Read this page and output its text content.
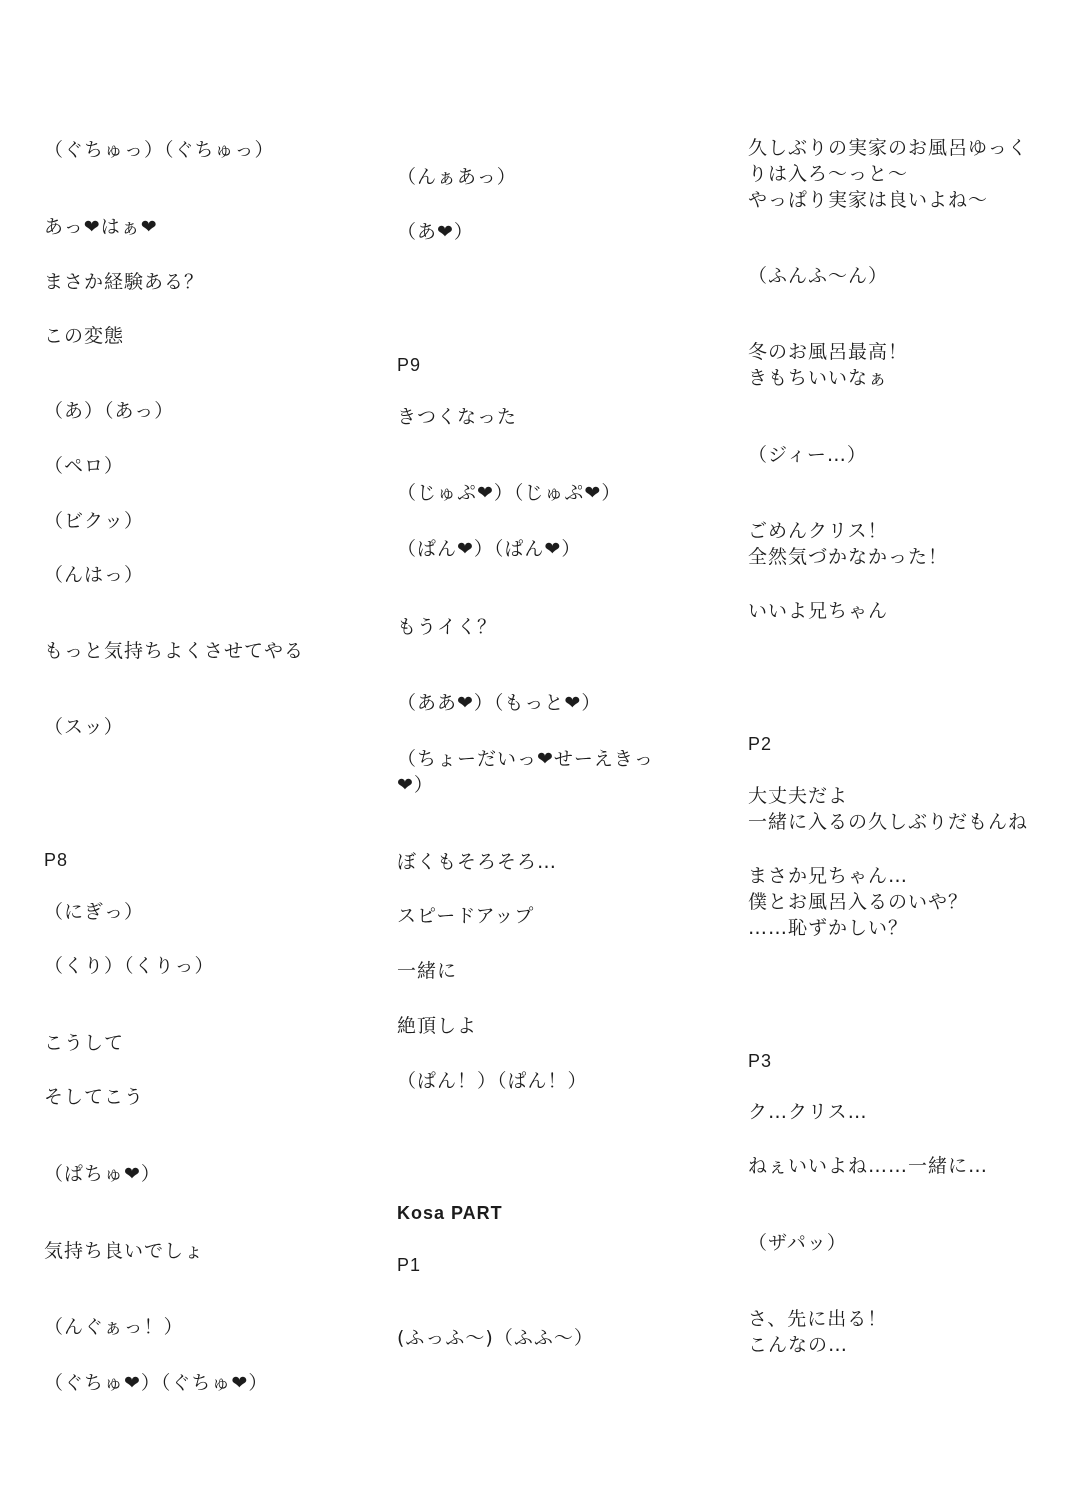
（ぐちゅっ）（ぐちゅっ）
あっ❤はぁ❤
まさか経験ある？
この変態
（あ）（あっ）
（ペロ）
（ビクッ）
（んはっ）
もっと気持ちよくさせてやる
（スッ）
P8
（にぎっ）
（くり）（くりっ）
こうして
そしてこう
（ぱちゅ❤）
気持ち良いでしょ
（んぐぁっ！）
（ぐちゅ❤）（ぐちゅ❤）
（んぁあっ）
（あ❤）
P9
きつくなった
（じゅぷ❤）（じゅぷ❤）
（ぱん❤）（ぱん❤）
もうイく？
（ああ❤）（もっと❤）
（ちょーだいっ❤せーえきっ
❤）
ぼくもそろそろ…
スピードアップ
一緒に
絶頂しよ
（ぱん！）（ぱん！）
Kosa PART
P1
(ふっふ〜)（ふふ〜）
久しぶりの実家のお風呂ゆっく
りは入ろ〜っと〜
やっぱり実家は良いよね〜
（ふんふ〜ん）
冬のお風呂最高！
きもちいいなぁ
（ジィー…）
ごめんクリス！
全然気づかなかった！
いいよ兄ちゃん
P2
大丈夫だよ
一緒に入るの久しぶりだもんね
まさか兄ちゃん…
僕とお風呂入るのいや？
……恥ずかしい？
P3
ク…クリス…
ねぇいいよね……一緒に…
（ザパッ）
さ、先に出る！
こんなの…
